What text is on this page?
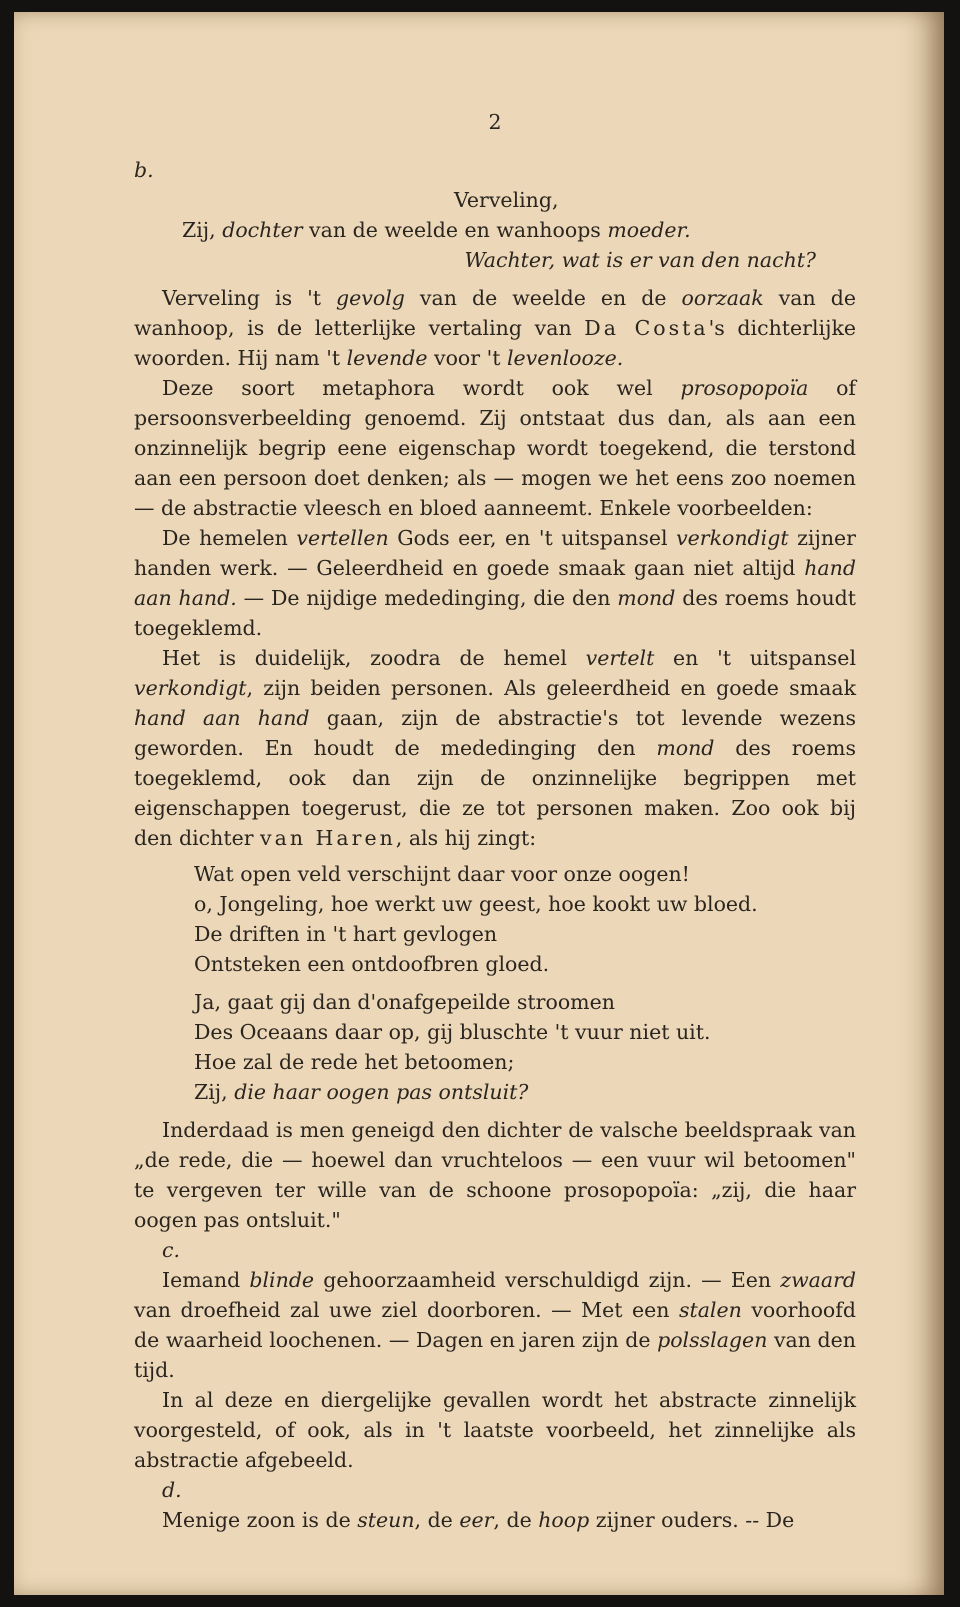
2
b.
Verveling,
Zij, dochter van de weelde en wanhoops moeder.
Wachter, wat is er van den nacht?

Verveling is 't gevolg van de weelde en de oorzaak van de wanhoop, is de letterlijke vertaling van Da Costa's dichterlijke woorden. Hij nam 't levende voor 't levenlooze.

Deze soort metaphora wordt ook wel prosopopoïa of persoonsverbeelding genoemd. Zij ontstaat dus dan, als aan een onzinnelijk begrip eene eigenschap wordt toegekend, die terstond aan een persoon doet denken; als — mogen we het eens zoo noemen — de abstractie vleesch en bloed aanneemt. Enkele voorbeelden:

De hemelen vertellen Gods eer, en 't uitspansel verkondigt zijner handen werk. — Geleerdheid en goede smaak gaan niet altijd hand aan hand. — De nijdige mededinging, die den mond des roems houdt toegeklemd.

Het is duidelijk, zoodra de hemel vertelt en 't uitspansel verkondigt, zijn beiden personen. Als geleerdheid en goede smaak hand aan hand gaan, zijn de abstractie's tot levende wezens geworden. En houdt de mededinging den mond des roems toegeklemd, ook dan zijn de onzinnelijke begrippen met eigenschappen toegerust, die ze tot personen maken. Zoo ook bij den dichter van Haren, als hij zingt:

Wat open veld verschijnt daar voor onze oogen!
o, Jongeling, hoe werkt uw geest, hoe kookt uw bloed.
De driften in 't hart gevlogen
Ontsteken een ontdoofbren gloed.
Ja, gaat gij dan d'onafgepeilde stroomen
Des Oceaans daar op, gij bluschte 't vuur niet uit.
Hoe zal de rede het betoomen;
Zij, die haar oogen pas ontsluit?

Inderdaad is men geneigd den dichter de valsche beeldspraak van „de rede, die — hoewel dan vruchteloos — een vuur wil betoomen" te vergeven ter wille van de schoone prosopopoïa: „zij, die haar oogen pas ontsluit."

c.

Iemand blinde gehoorzaamheid verschuldigd zijn. — Een zwaard van droefheid zal uwe ziel doorboren. — Met een stalen voorhoofd de waarheid loochenen. — Dagen en jaren zijn de polsslagen van den tijd.

In al deze en diergelijke gevallen wordt het abstracte zinnelijk voorgesteld, of ook, als in 't laatste voorbeeld, het zinnelijke als abstractie afgebeeld.

d.

Menige zoon is de steun, de eer, de hoop zijner ouders. -- De
